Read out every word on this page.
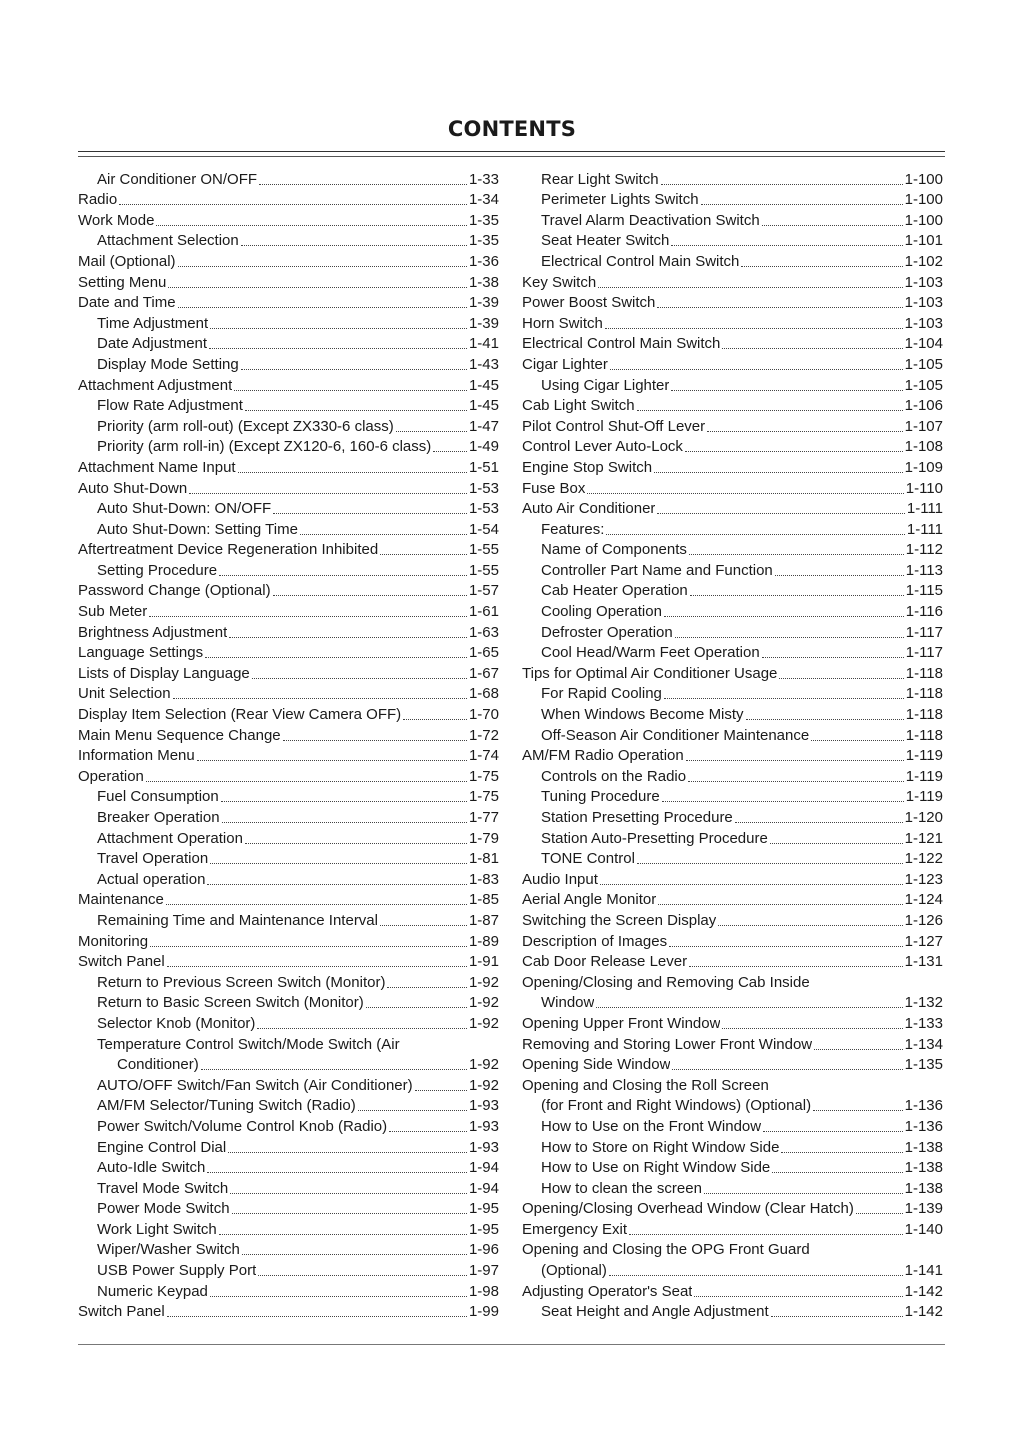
CONTENTS
Air Conditioner ON/OFF	1-33
Radio	1-34
Work Mode	1-35
Attachment Selection	1-35
Mail (Optional)	1-36
Setting Menu	1-38
Date and Time	1-39
Time Adjustment	1-39
Date Adjustment	1-41
Display Mode Setting	1-43
Attachment Adjustment	1-45
Flow Rate Adjustment	1-45
Priority (arm roll-out) (Except ZX330-6 class)	1-47
Priority (arm roll-in) (Except ZX120-6, 160-6 class)	1-49
Attachment Name Input	1-51
Auto Shut-Down	1-53
Auto Shut-Down: ON/OFF	1-53
Auto Shut-Down: Setting Time	1-54
Aftertreatment Device Regeneration Inhibited	1-55
Setting Procedure	1-55
Password Change (Optional)	1-57
Sub Meter	1-61
Brightness Adjustment	1-63
Language Settings	1-65
Lists of Display Language	1-67
Unit Selection	1-68
Display Item Selection (Rear View Camera OFF)	1-70
Main Menu Sequence Change	1-72
Information Menu	1-74
Operation	1-75
Fuel Consumption	1-75
Breaker Operation	1-77
Attachment Operation	1-79
Travel Operation	1-81
Actual operation	1-83
Maintenance	1-85
Remaining Time and Maintenance Interval	1-87
Monitoring	1-89
Switch Panel	1-91
Return to Previous Screen Switch (Monitor)	1-92
Return to Basic Screen Switch (Monitor)	1-92
Selector Knob (Monitor)	1-92
Temperature Control Switch/Mode Switch (Air
Conditioner)	1-92
AUTO/OFF Switch/Fan Switch (Air Conditioner)	1-92
AM/FM Selector/Tuning Switch (Radio)	1-93
Power Switch/Volume Control Knob (Radio)	1-93
Engine Control Dial	1-93
Auto-Idle Switch	1-94
Travel Mode Switch	1-94
Power Mode Switch	1-95
Work Light Switch	1-95
Wiper/Washer Switch	1-96
USB Power Supply Port	1-97
Numeric Keypad	1-98
Switch Panel	1-99
Rear Light Switch	1-100
Perimeter Lights Switch	1-100
Travel Alarm Deactivation Switch	1-100
Seat Heater Switch	1-101
Electrical Control Main Switch	1-102
Key Switch	1-103
Power Boost Switch	1-103
Horn Switch	1-103
Electrical Control Main Switch	1-104
Cigar Lighter	1-105
Using Cigar Lighter	1-105
Cab Light Switch	1-106
Pilot Control Shut-Off Lever	1-107
Control Lever Auto-Lock	1-108
Engine Stop Switch	1-109
Fuse Box	1-110
Auto Air Conditioner	1-111
Features:	1-111
Name of Components	1-112
Controller Part Name and Function	1-113
Cab Heater Operation	1-115
Cooling Operation	1-116
Defroster Operation	1-117
Cool Head/Warm Feet Operation	1-117
Tips for Optimal Air Conditioner Usage	1-118
For Rapid Cooling	1-118
When Windows Become Misty	1-118
Off-Season Air Conditioner Maintenance	1-118
AM/FM Radio Operation	1-119
Controls on the Radio	1-119
Tuning Procedure	1-119
Station Presetting Procedure	1-120
Station Auto-Presetting Procedure	1-121
TONE Control	1-122
Audio Input	1-123
Aerial Angle Monitor	1-124
Switching the Screen Display	1-126
Description of Images	1-127
Cab Door Release Lever	1-131
Opening/Closing and Removing Cab Inside
Window	1-132
Opening Upper Front Window	1-133
Removing and Storing Lower Front Window	1-134
Opening Side Window	1-135
Opening and Closing the Roll Screen
(for Front and Right Windows) (Optional)	1-136
How to Use on the Front Window	1-136
How to Store on Right Window Side	1-138
How to Use on Right Window Side	1-138
How to clean the screen	1-138
Opening/Closing Overhead Window (Clear Hatch)	1-139
Emergency Exit	1-140
Opening and Closing the OPG Front Guard
(Optional)	1-141
Adjusting Operator's Seat	1-142
Seat Height and Angle Adjustment	1-142
